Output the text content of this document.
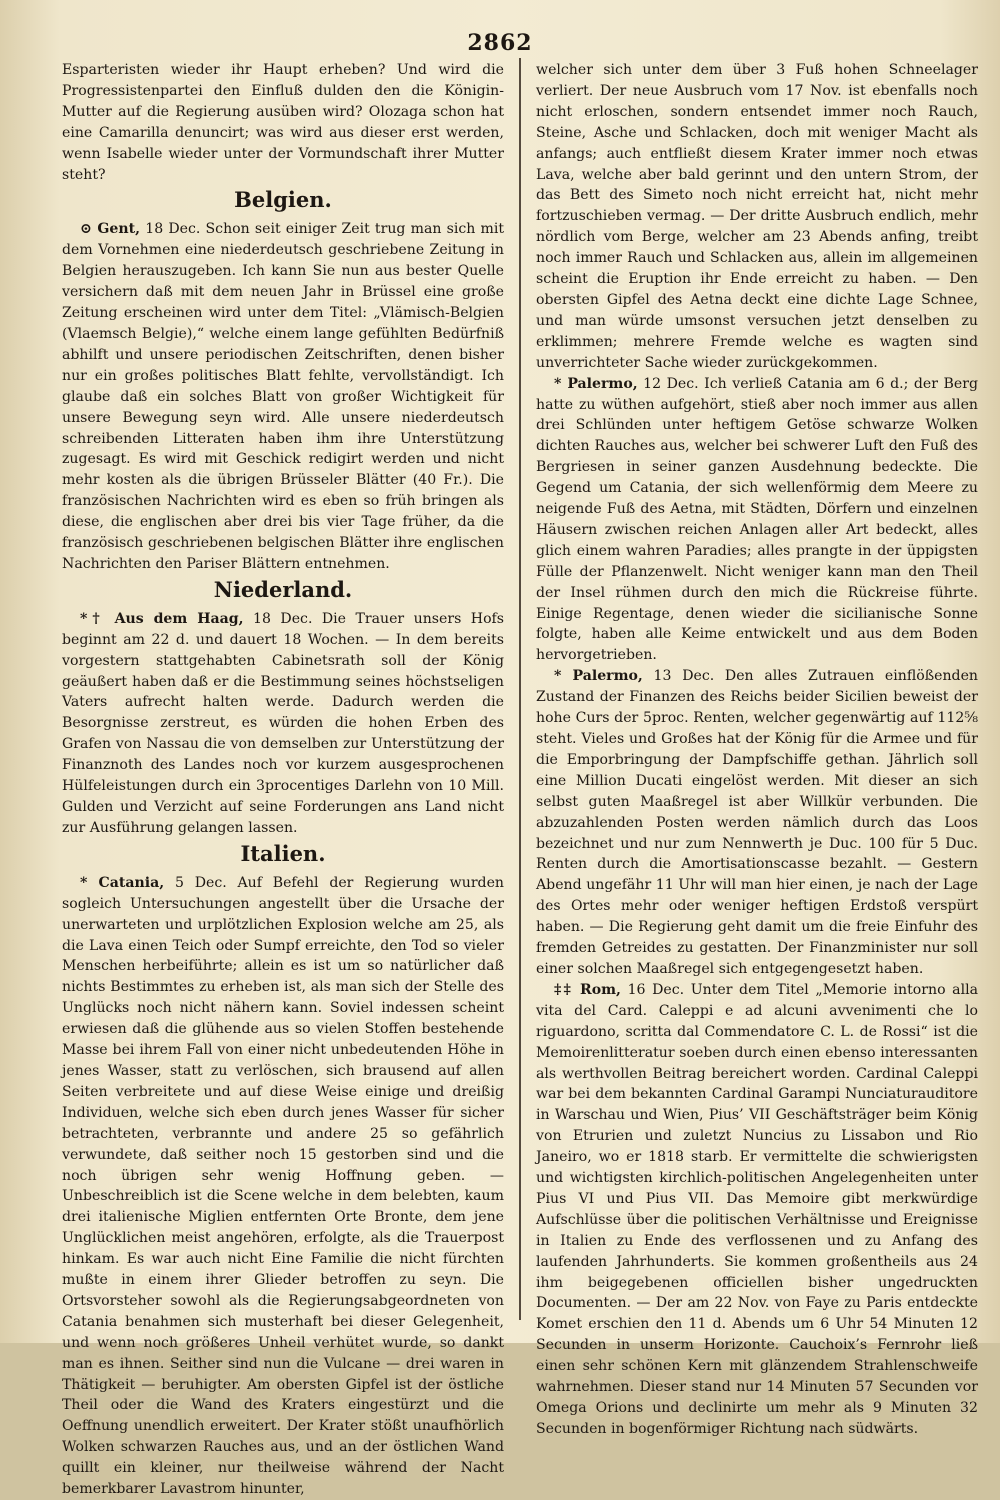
2862

Esparteristen wieder ihr Haupt erheben? Und wird die Progressistenpartei den Einfluß dulden den die Königin-Mutter auf die Regierung ausüben wird? Olozaga schon hat eine Camarilla denuncirt; was wird aus dieser erst werden, wenn Isabelle wieder unter der Vormundschaft ihrer Mutter steht?

Belgien.

⊙ Gent, 18 Dec. Schon seit einiger Zeit trug man sich mit dem Vornehmen eine niederdeutsch geschriebene Zeitung in Belgien herauszugeben. Ich kann Sie nun aus bester Quelle versichern daß mit dem neuen Jahr in Brüssel eine große Zeitung erscheinen wird unter dem Titel: „Vlämisch-Belgien (Vlaemsch Belgie),“ welche einem lange gefühlten Bedürfniß abhilft und unsere periodischen Zeitschriften, denen bisher nur ein großes politisches Blatt fehlte, vervollständigt. Ich glaube daß ein solches Blatt von großer Wichtigkeit für unsere Bewegung seyn wird. Alle unsere niederdeutsch schreibenden Litteraten haben ihm ihre Unterstützung zugesagt. Es wird mit Geschick redigirt werden und nicht mehr kosten als die übrigen Brüsseler Blätter (40 Fr.). Die französischen Nachrichten wird es eben so früh bringen als diese, die englischen aber drei bis vier Tage früher, da die französisch geschriebenen belgischen Blätter ihre englischen Nachrichten den Pariser Blättern entnehmen.

Niederland.

*† Aus dem Haag, 18 Dec. Die Trauer unsers Hofs beginnt am 22 d. und dauert 18 Wochen. — In dem bereits vorgestern stattgehabten Cabinetsrath soll der König geäußert haben daß er die Bestimmung seines höchstseligen Vaters aufrecht halten werde. Dadurch werden die Besorgnisse zerstreut, es würden die hohen Erben des Grafen von Nassau die von demselben zur Unterstützung der Finanznoth des Landes noch vor kurzem ausgesprochenen Hülfeleistungen durch ein 3procentiges Darlehn von 10 Mill. Gulden und Verzicht auf seine Forderungen ans Land nicht zur Ausführung gelangen lassen.

Italien.

* Catania, 5 Dec. Auf Befehl der Regierung wurden sogleich Untersuchungen angestellt über die Ursache der unerwarteten und urplötzlichen Explosion welche am 25, als die Lava einen Teich oder Sumpf erreichte, den Tod so vieler Menschen herbeiführte; allein es ist um so natürlicher daß nichts Bestimmtes zu erheben ist, als man sich der Stelle des Unglücks noch nicht nähern kann. Soviel indessen scheint erwiesen daß die glühende aus so vielen Stoffen bestehende Masse bei ihrem Fall von einer nicht unbedeutenden Höhe in jenes Wasser, statt zu verlöschen, sich brausend auf allen Seiten verbreitete und auf diese Weise einige und dreißig Individuen, welche sich eben durch jenes Wasser für sicher betrachteten, verbrannte und andere 25 so gefährlich verwundete, daß seither noch 15 gestorben sind und die noch übrigen sehr wenig Hoffnung geben. — Unbeschreiblich ist die Scene welche in dem belebten, kaum drei italienische Miglien entfernten Orte Bronte, dem jene Unglücklichen meist angehören, erfolgte, als die Trauerpost hinkam. Es war auch nicht Eine Familie die nicht fürchten mußte in einem ihrer Glieder betroffen zu seyn. Die Ortsvorsteher sowohl als die Regierungsabgeordneten von Catania benahmen sich musterhaft bei dieser Gelegenheit, und wenn noch größeres Unheil verhütet wurde, so dankt man es ihnen. Seither sind nun die Vulcane — drei waren in Thätigkeit — beruhigter. Am obersten Gipfel ist der östliche Theil oder die Wand des Kraters eingestürzt und die Oeffnung unendlich erweitert. Der Krater stößt unaufhörlich Wolken schwarzen Rauches aus, und an der östlichen Wand quillt ein kleiner, nur theilweise während der Nacht bemerkbarer Lavastrom hinunter,

welcher sich unter dem über 3 Fuß hohen Schneelager verliert. Der neue Ausbruch vom 17 Nov. ist ebenfalls noch nicht erloschen, sondern entsendet immer noch Rauch, Steine, Asche und Schlacken, doch mit weniger Macht als anfangs; auch entfließt diesem Krater immer noch etwas Lava, welche aber bald gerinnt und den untern Strom, der das Bett des Simeto noch nicht erreicht hat, nicht mehr fortzuschieben vermag. — Der dritte Ausbruch endlich, mehr nördlich vom Berge, welcher am 23 Abends anfing, treibt noch immer Rauch und Schlacken aus, allein im allgemeinen scheint die Eruption ihr Ende erreicht zu haben. — Den obersten Gipfel des Aetna deckt eine dichte Lage Schnee, und man würde umsonst versuchen jetzt denselben zu erklimmen; mehrere Fremde welche es wagten sind unverrichteter Sache wieder zurückgekommen.

* Palermo, 12 Dec. Ich verließ Catania am 6 d.; der Berg hatte zu wüthen aufgehört, stieß aber noch immer aus allen drei Schlünden unter heftigem Getöse schwarze Wolken dichten Rauches aus, welcher bei schwerer Luft den Fuß des Bergriesen in seiner ganzen Ausdehnung bedeckte. Die Gegend um Catania, der sich wellenförmig dem Meere zu neigende Fuß des Aetna, mit Städten, Dörfern und einzelnen Häusern zwischen reichen Anlagen aller Art bedeckt, alles glich einem wahren Paradies; alles prangte in der üppigsten Fülle der Pflanzenwelt. Nicht weniger kann man den Theil der Insel rühmen durch den mich die Rückreise führte. Einige Regentage, denen wieder die sicilianische Sonne folgte, haben alle Keime entwickelt und aus dem Boden hervorgetrieben.

* Palermo, 13 Dec. Den alles Zutrauen einflößenden Zustand der Finanzen des Reichs beider Sicilien beweist der hohe Curs der 5proc. Renten, welcher gegenwärtig auf 112⅝ steht. Vieles und Großes hat der König für die Armee und für die Emporbringung der Dampfschiffe gethan. Jährlich soll eine Million Ducati eingelöst werden. Mit dieser an sich selbst guten Maaßregel ist aber Willkür verbunden. Die abzuzahlenden Posten werden nämlich durch das Loos bezeichnet und nur zum Nennwerth je Duc. 100 für 5 Duc. Renten durch die Amortisationscasse bezahlt. — Gestern Abend ungefähr 11 Uhr will man hier einen, je nach der Lage des Ortes mehr oder weniger heftigen Erdstoß verspürt haben. — Die Regierung geht damit um die freie Einfuhr des fremden Getreides zu gestatten. Der Finanzminister nur soll einer solchen Maaßregel sich entgegengesetzt haben.

‡‡ Rom, 16 Dec. Unter dem Titel „Memorie intorno alla vita del Card. Caleppi e ad alcuni avvenimenti che lo riguardono, scritta dal Commendatore C. L. de Rossi“ ist die Memoirenlitteratur soeben durch einen ebenso interessanten als werthvollen Beitrag bereichert worden. Cardinal Caleppi war bei dem bekannten Cardinal Garampi Nunciaturauditore in Warschau und Wien, Pius’ VII Geschäftsträger beim König von Etrurien und zuletzt Nuncius zu Lissabon und Rio Janeiro, wo er 1818 starb. Er vermittelte die schwierigsten und wichtigsten kirchlich-politischen Angelegenheiten unter Pius VI und Pius VII. Das Memoire gibt merkwürdige Aufschlüsse über die politischen Verhältnisse und Ereignisse in Italien zu Ende des verflossenen und zu Anfang des laufenden Jahrhunderts. Sie kommen großentheils aus 24 ihm beigegebenen officiellen bisher ungedruckten Documenten. — Der am 22 Nov. von Faye zu Paris entdeckte Komet erschien den 11 d. Abends um 6 Uhr 54 Minuten 12 Secunden in unserm Horizonte. Cauchoix’s Fernrohr ließ einen sehr schönen Kern mit glänzendem Strahlenschweife wahrnehmen. Dieser stand nur 14 Minuten 57 Secunden vor Omega Orions und declinirte um mehr als 9 Minuten 32 Secunden in bogenförmiger Richtung nach südwärts.
